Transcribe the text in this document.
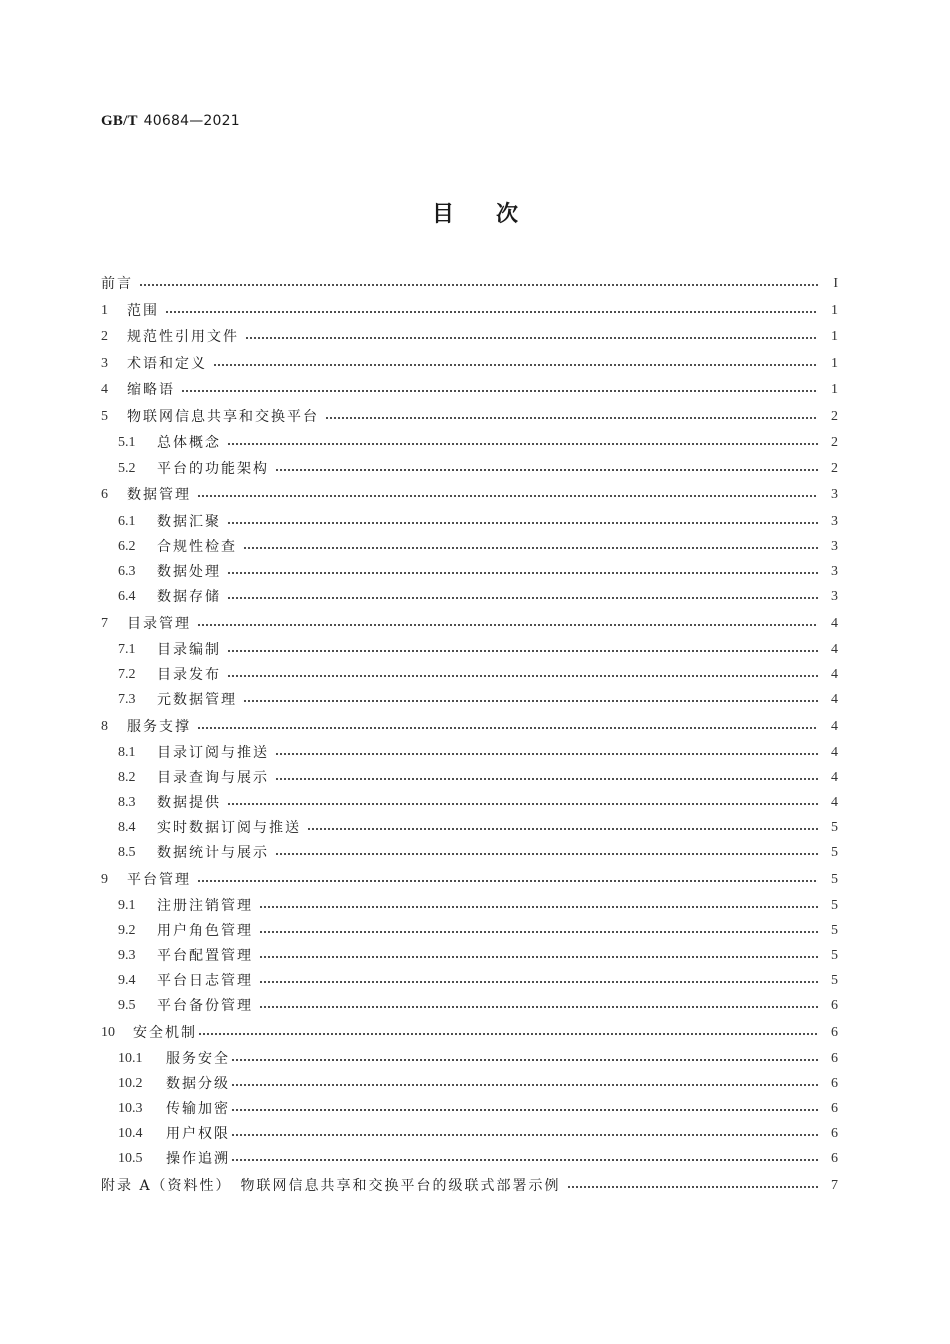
GB/T 40684—2021
目次
前言	I
1	范围	1
2	规范性引用文件	1
3	术语和定义	1
4	缩略语	1
5	物联网信息共享和交换平台	2
5.1	总体概念	2
5.2	平台的功能架构	2
6	数据管理	3
6.1	数据汇聚	3
6.2	合规性检查	3
6.3	数据处理	3
6.4	数据存储	3
7	目录管理	4
7.1	目录编制	4
7.2	目录发布	4
7.3	元数据管理	4
8	服务支撑	4
8.1	目录订阅与推送	4
8.2	目录查询与展示	4
8.3	数据提供	4
8.4	实时数据订阅与推送	5
8.5	数据统计与展示	5
9	平台管理	5
9.1	注册注销管理	5
9.2	用户角色管理	5
9.3	平台配置管理	5
9.4	平台日志管理	5
9.5	平台备份管理	6
10	安全机制	6
10.1	服务安全	6
10.2	数据分级	6
10.3	传输加密	6
10.4	用户权限	6
10.5	操作追溯	6
附录 A（资料性）　物联网信息共享和交换平台的级联式部署示例	7
